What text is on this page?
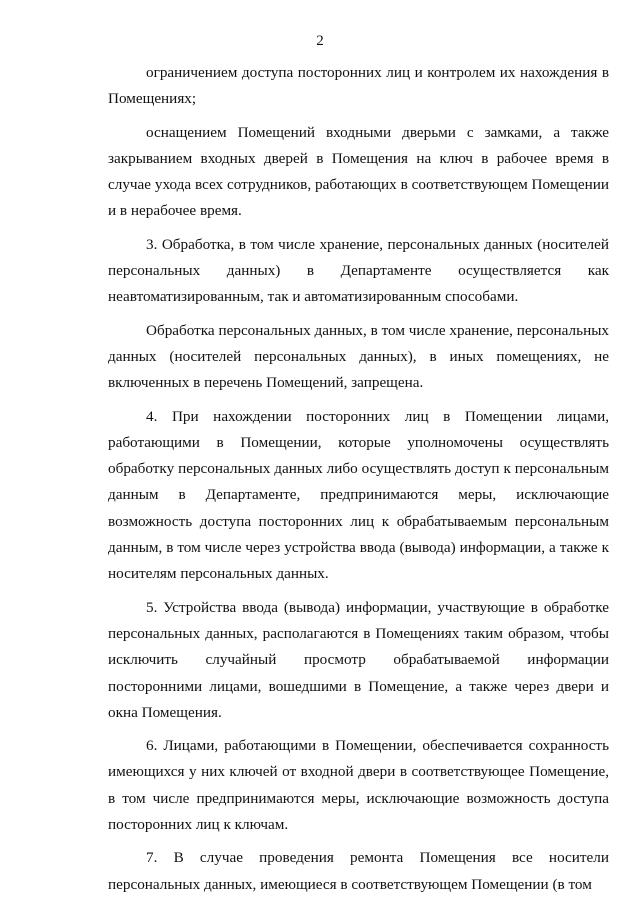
2

ограничением доступа посторонних лиц и контролем их нахождения в Помещениях;

оснащением Помещений входными дверьми с замками, а также закрыванием входных дверей в Помещения на ключ в рабочее время в случае ухода всех сотрудников, работающих в соответствующем Помещении и в нерабочее время.

3. Обработка, в том числе хранение, персональных данных (носителей персональных данных) в Департаменте осуществляется как неавтоматизированным, так и автоматизированным способами.

Обработка персональных данных, в том числе хранение, персональных данных (носителей персональных данных), в иных помещениях, не включенных в перечень Помещений, запрещена.

4. При нахождении посторонних лиц в Помещении лицами, работающими в Помещении, которые уполномочены осуществлять обработку персональных данных либо осуществлять доступ к персональным данным в Департаменте, предпринимаются меры, исключающие возможность доступа посторонних лиц к обрабатываемым персональным данным, в том числе через устройства ввода (вывода) информации, а также к носителям персональных данных.

5. Устройства ввода (вывода) информации, участвующие в обработке персональных данных, располагаются в Помещениях таким образом, чтобы исключить случайный просмотр обрабатываемой информации посторонними лицами, вошедшими в Помещение, а также через двери и окна Помещения.

6. Лицами, работающими в Помещении, обеспечивается сохранность имеющихся у них ключей от входной двери в соответствующее Помещение, в том числе предпринимаются меры, исключающие возможность доступа посторонних лиц к ключам.

7. В случае проведения ремонта Помещения все носители персональных данных, имеющиеся в соответствующем Помещении (в том
